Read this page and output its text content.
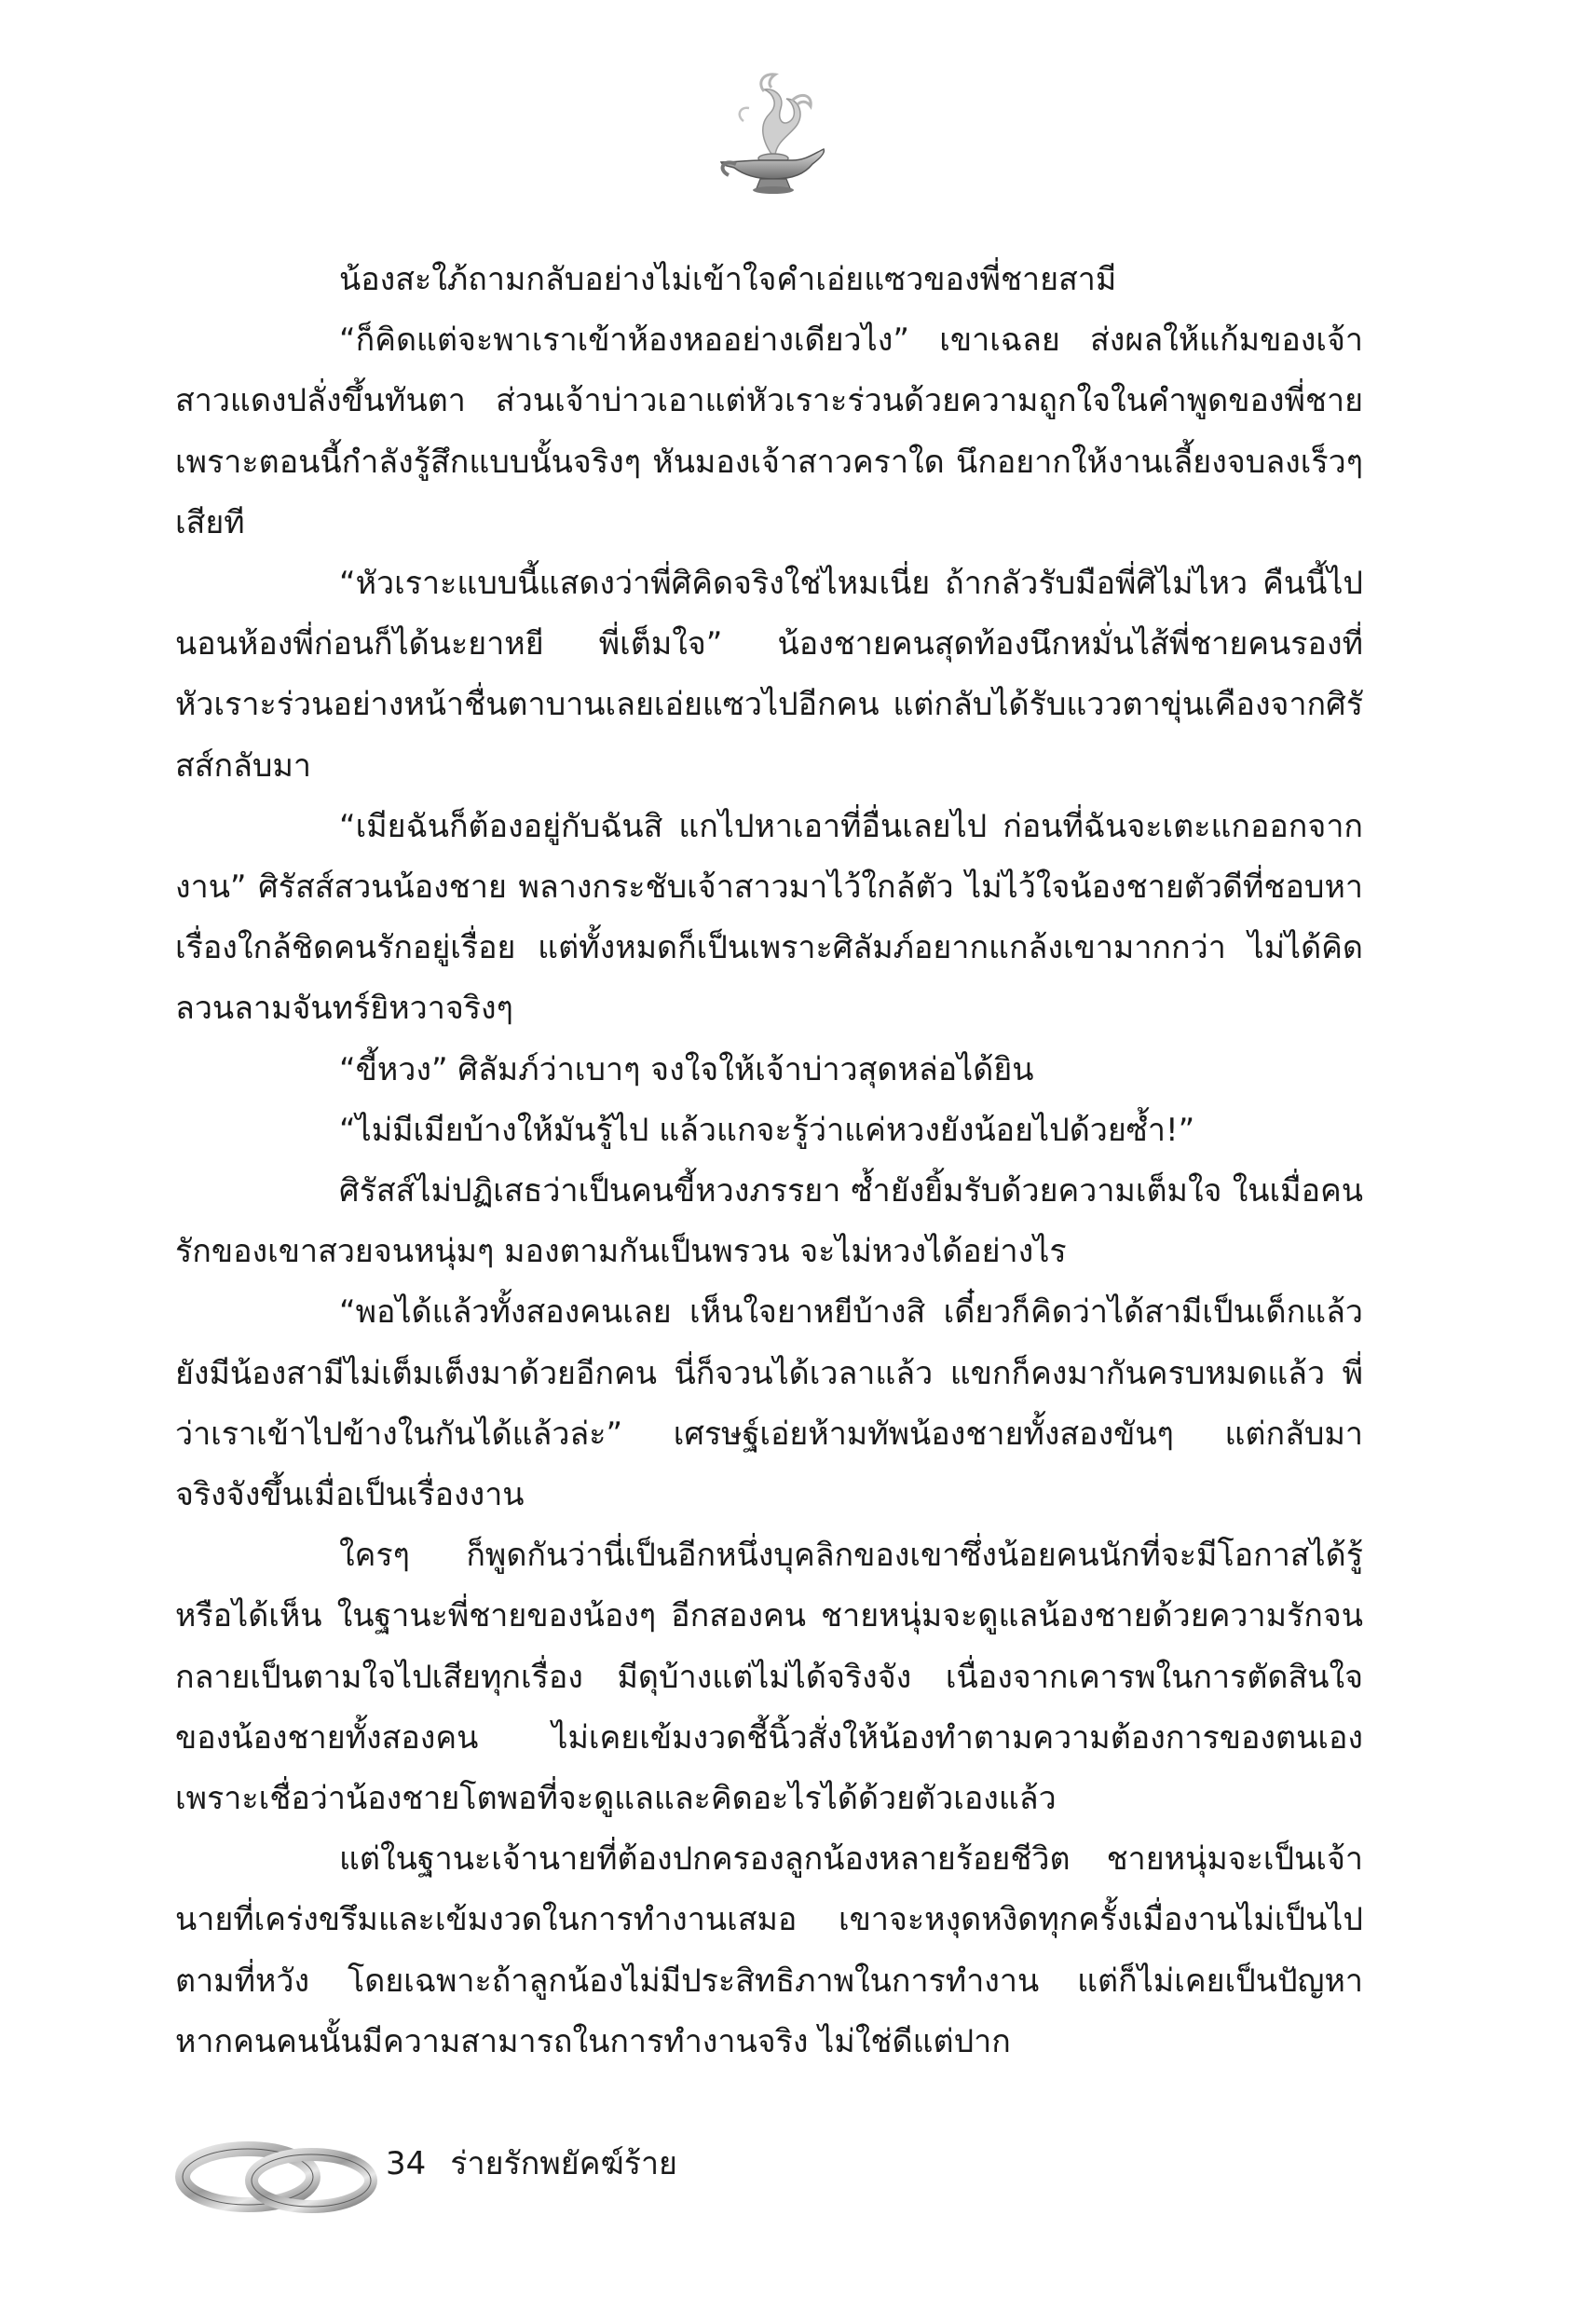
น้องสะใภ้ถามกลับอย่างไม่เข้าใจคำเอ่ยแซวของพี่ชายสามี

“ก็คิดแต่จะพาเราเข้าห้องหออย่างเดียวไง” เขาเฉลย ส่งผลให้แก้มของเจ้าสาวแดงปลั่งขึ้นทันตา ส่วนเจ้าบ่าวเอาแต่หัวเราะร่วนด้วยความถูกใจในคำพูดของพี่ชาย เพราะตอนนี้กำลังรู้สึกแบบนั้นจริงๆ หันมองเจ้าสาวคราใด นึกอยากให้งานเลี้ยงจบลงเร็วๆ เสียที

“หัวเราะแบบนี้แสดงว่าพี่ศิคิดจริงใช่ไหมเนี่ย ถ้ากลัวรับมือพี่ศิไม่ไหว คืนนี้ไปนอนห้องพี่ก่อนก็ได้นะยาหยี พี่เต็มใจ” น้องชายคนสุดท้องนึกหมั่นไส้พี่ชายคนรองที่หัวเราะร่วนอย่างหน้าชื่นตาบานเลยเอ่ยแซวไปอีกคน แต่กลับได้รับแววตาขุ่นเคืองจากศิรัสส์กลับมา

“เมียฉันก็ต้องอยู่กับฉันสิ แกไปหาเอาที่อื่นเลยไป ก่อนที่ฉันจะเตะแกออกจากงาน” ศิรัสส์สวนน้องชาย พลางกระชับเจ้าสาวมาไว้ใกล้ตัว ไม่ไว้ใจน้องชายตัวดีที่ชอบหาเรื่องใกล้ชิดคนรักอยู่เรื่อย แต่ทั้งหมดก็เป็นเพราะศิลัมภ์อยากแกล้งเขามากกว่า ไม่ได้คิดลวนลามจันทร์ยิหวาจริงๆ

“ขี้หวง” ศิลัมภ์ว่าเบาๆ จงใจให้เจ้าบ่าวสุดหล่อได้ยิน

“ไม่มีเมียบ้างให้มันรู้ไป แล้วแกจะรู้ว่าแค่หวงยังน้อยไปด้วยซ้ำ!”

ศิรัสส์ไม่ปฏิเสธว่าเป็นคนขี้หวงภรรยา ซ้ำยังยิ้มรับด้วยความเต็มใจ ในเมื่อคนรักของเขาสวยจนหนุ่มๆ มองตามกันเป็นพรวน จะไม่หวงได้อย่างไร

“พอได้แล้วทั้งสองคนเลย เห็นใจยาหยีบ้างสิ เดี๋ยวก็คิดว่าได้สามีเป็นเด็กแล้วยังมีน้องสามีไม่เต็มเต็งมาด้วยอีกคน นี่ก็จวนได้เวลาแล้ว แขกก็คงมากันครบหมดแล้ว พี่ว่าเราเข้าไปข้างในกันได้แล้วล่ะ” เศรษฐ์เอ่ยห้ามทัพน้องชายทั้งสองขันๆ แต่กลับมาจริงจังขึ้นเมื่อเป็นเรื่องงาน

ใครๆ ก็พูดกันว่านี่เป็นอีกหนึ่งบุคลิกของเขาซึ่งน้อยคนนักที่จะมีโอกาสได้รู้หรือได้เห็น ในฐานะพี่ชายของน้องๆ อีกสองคน ชายหนุ่มจะดูแลน้องชายด้วยความรักจนกลายเป็นตามใจไปเสียทุกเรื่อง มีดุบ้างแต่ไม่ได้จริงจัง เนื่องจากเคารพในการตัดสินใจของน้องชายทั้งสองคน ไม่เคยเข้มงวดชี้นิ้วสั่งให้น้องทำตามความต้องการของตนเอง เพราะเชื่อว่าน้องชายโตพอที่จะดูแลและคิดอะไรได้ด้วยตัวเองแล้ว

แต่ในฐานะเจ้านายที่ต้องปกครองลูกน้องหลายร้อยชีวิต ชายหนุ่มจะเป็นเจ้านายที่เคร่งขรึมและเข้มงวดในการทำงานเสมอ เขาจะหงุดหงิดทุกครั้งเมื่องานไม่เป็นไปตามที่หวัง โดยเฉพาะถ้าลูกน้องไม่มีประสิทธิภาพในการทำงาน แต่ก็ไม่เคยเป็นปัญหาหากคนคนนั้นมีความสามารถในการทำงานจริง ไม่ใช่ดีแต่ปาก

34 ร่ายรักพยัคฆ์ร้าย
